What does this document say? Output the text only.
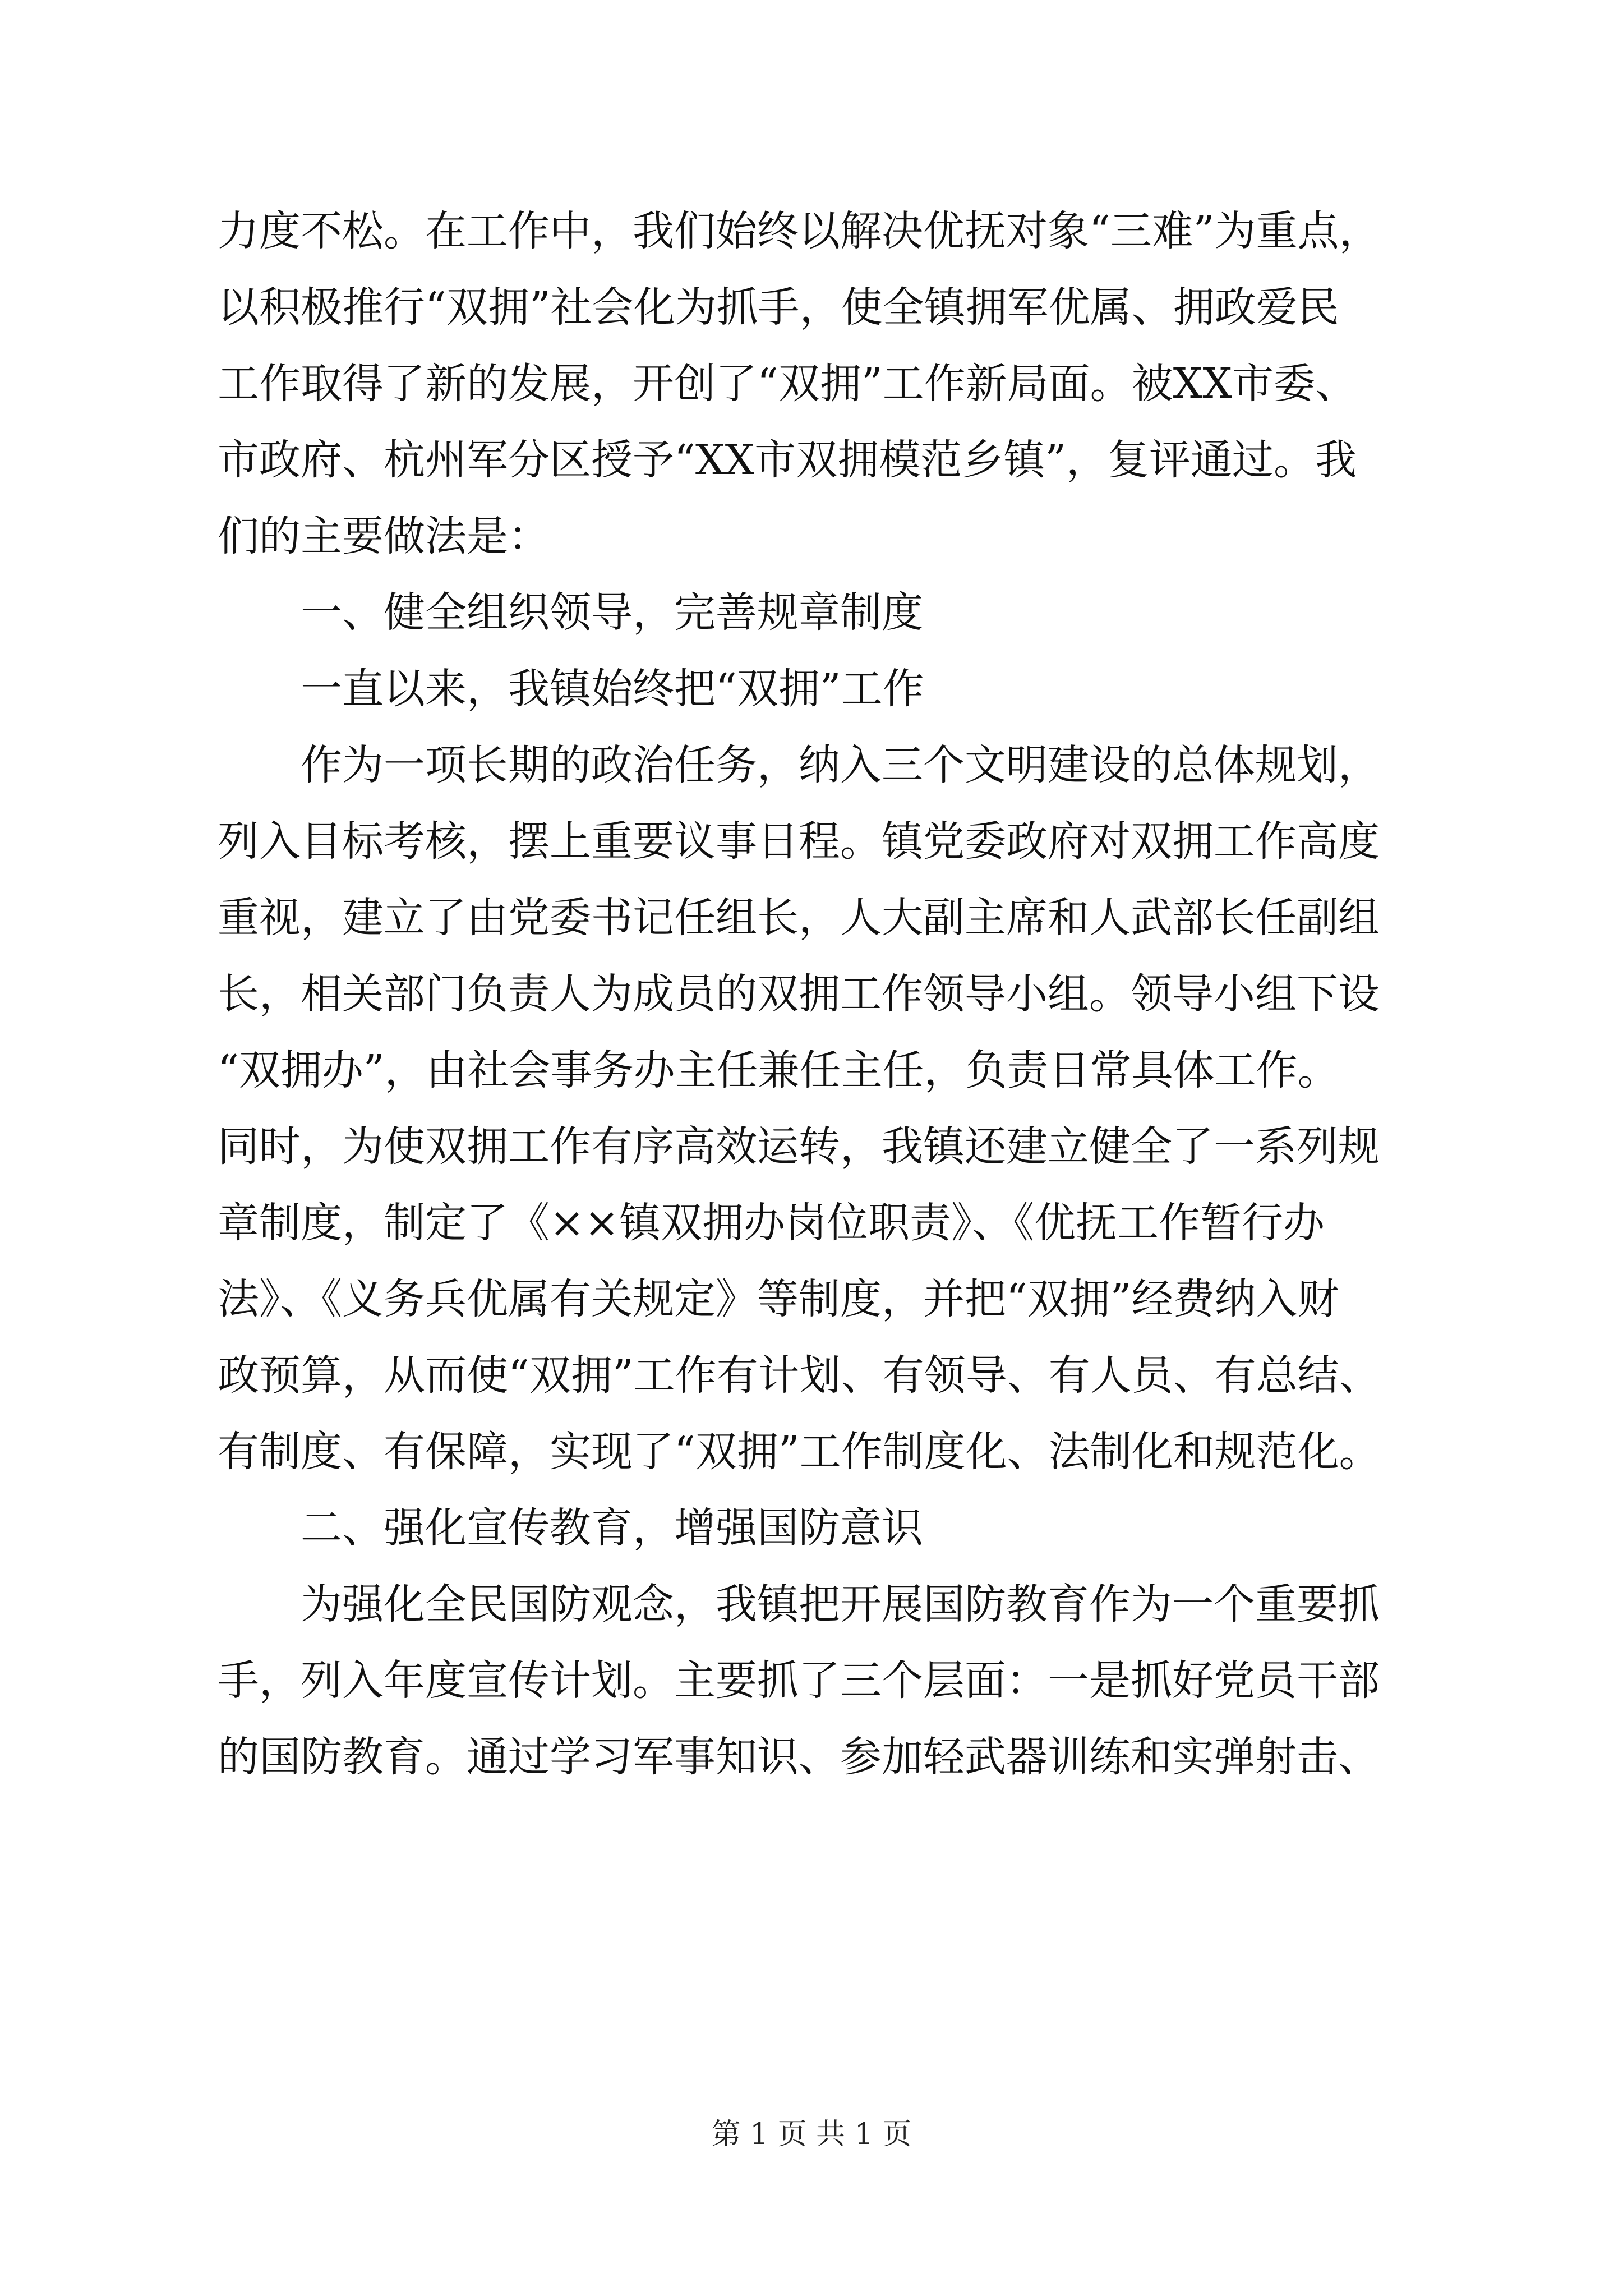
力度不松。在工作中，我们始终以解决优抚对象“三难”为重点，
以积极推行“双拥”社会化为抓手，使全镇拥军优属、拥政爱民
工作取得了新的发展，开创了“双拥”工作新局面。被XX市委、
市政府、杭州军分区授予“XX市双拥模范乡镇”，复评通过。我
们的主要做法是：
一、健全组织领导，完善规章制度
一直以来，我镇始终把“双拥”工作
作为一项长期的政治任务，纳入三个文明建设的总体规划，
列入目标考核，摆上重要议事日程。镇党委政府对双拥工作高度
重视，建立了由党委书记任组长，人大副主席和人武部长任副组
长，相关部门负责人为成员的双拥工作领导小组。领导小组下设
“双拥办”，由社会事务办主任兼任主任，负责日常具体工作。
同时，为使双拥工作有序高效运转，我镇还建立健全了一系列规
章制度，制定了《××镇双拥办岗位职责》、《优抚工作暂行办
法》、《义务兵优属有关规定》等制度，并把“双拥”经费纳入财
政预算，从而使“双拥”工作有计划、有领导、有人员、有总结、
有制度、有保障，实现了“双拥”工作制度化、法制化和规范化。
二、强化宣传教育，增强国防意识
为强化全民国防观念，我镇把开展国防教育作为一个重要抓
手，列入年度宣传计划。主要抓了三个层面：一是抓好党员干部
的国防教育。通过学习军事知识、参加轻武器训练和实弹射击、
第 1 页 共 1 页
